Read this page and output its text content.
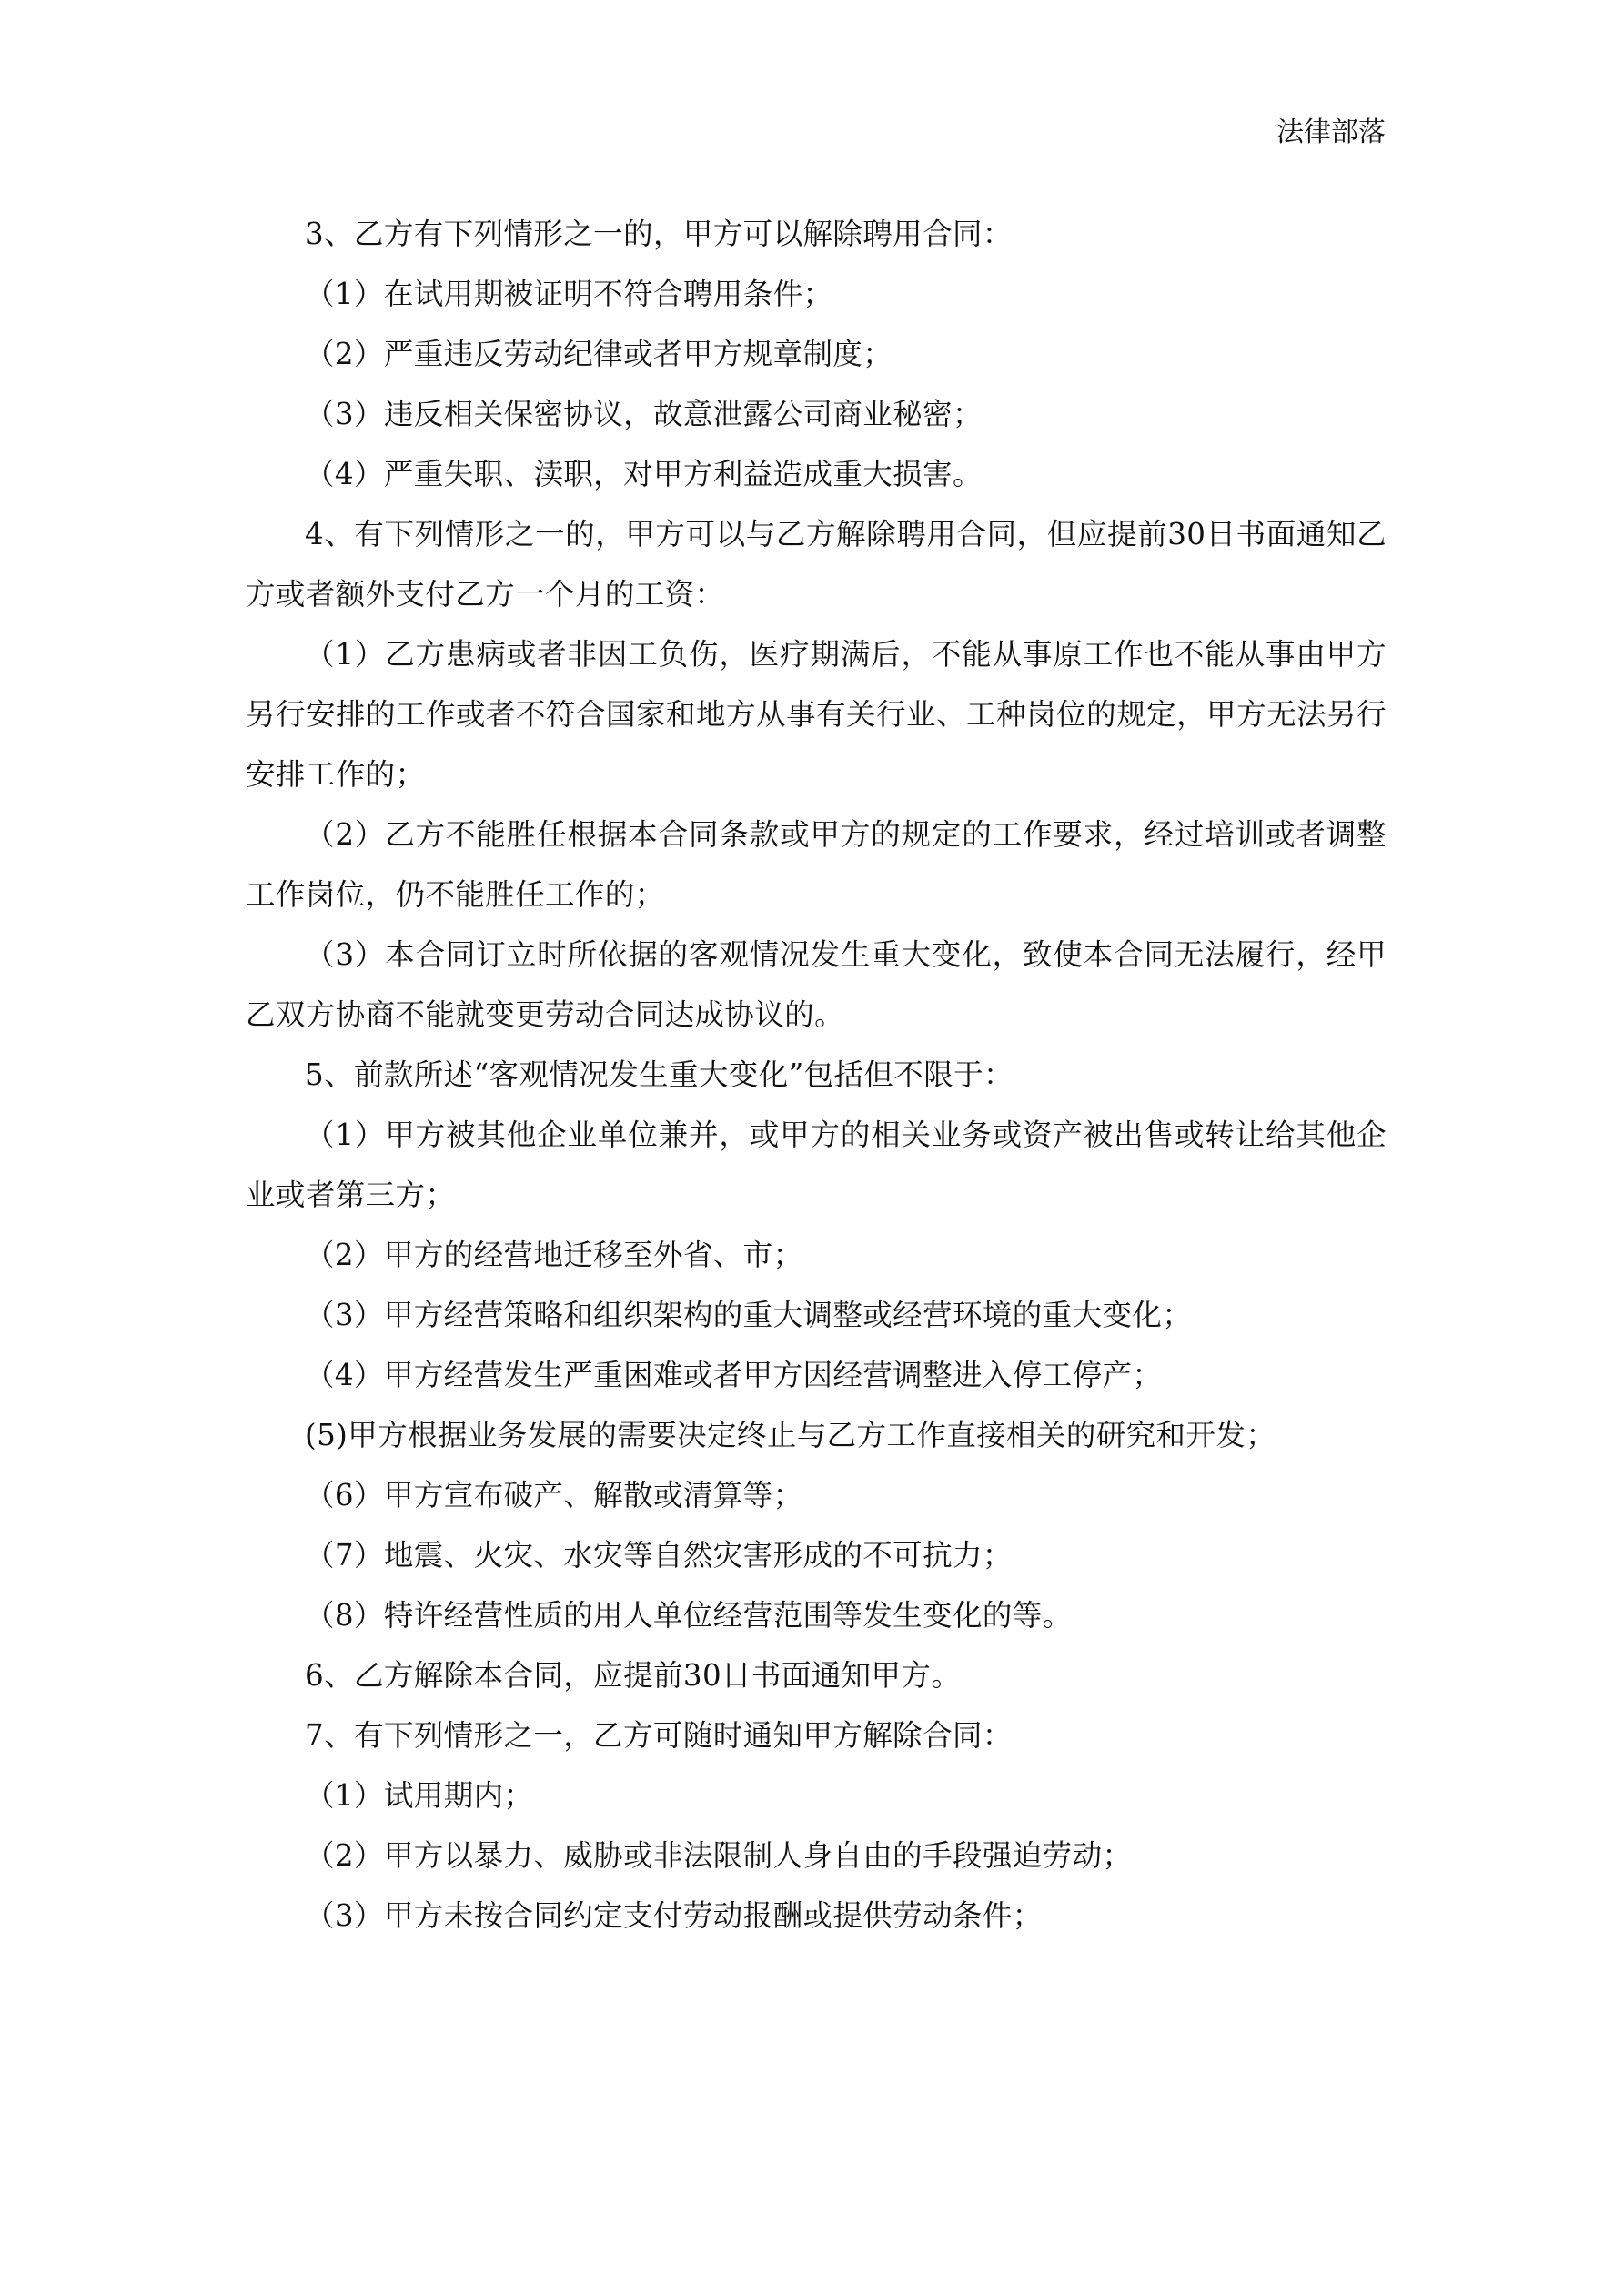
法律部落

3、乙方有下列情形之一的，甲方可以解除聘用合同：

（1）在试用期被证明不符合聘用条件；

（2）严重违反劳动纪律或者甲方规章制度；

（3）违反相关保密协议，故意泄露公司商业秘密；

（4）严重失职、渎职，对甲方利益造成重大损害。

4、有下列情形之一的，甲方可以与乙方解除聘用合同，但应提前30日书面通知乙方或者额外支付乙方一个月的工资：

（1）乙方患病或者非因工负伤，医疗期满后，不能从事原工作也不能从事由甲方另行安排的工作或者不符合国家和地方从事有关行业、工种岗位的规定，甲方无法另行安排工作的；

（2）乙方不能胜任根据本合同条款或甲方的规定的工作要求，经过培训或者调整工作岗位，仍不能胜任工作的；

（3）本合同订立时所依据的客观情况发生重大变化，致使本合同无法履行，经甲乙双方协商不能就变更劳动合同达成协议的。

5、前款所述“客观情况发生重大变化”包括但不限于：

（1）甲方被其他企业单位兼并，或甲方的相关业务或资产被出售或转让给其他企业或者第三方；

（2）甲方的经营地迁移至外省、市；

（3）甲方经营策略和组织架构的重大调整或经营环境的重大变化；

（4）甲方经营发生严重困难或者甲方因经营调整进入停工停产；

(5)甲方根据业务发展的需要决定终止与乙方工作直接相关的研究和开发；

（6）甲方宣布破产、解散或清算等；

（7）地震、火灾、水灾等自然灾害形成的不可抗力；

（8）特许经营性质的用人单位经营范围等发生变化的等。

6、乙方解除本合同，应提前30日书面通知甲方。

7、有下列情形之一，乙方可随时通知甲方解除合同：

（1）试用期内；

（2）甲方以暴力、威胁或非法限制人身自由的手段强迫劳动；

（3）甲方未按合同约定支付劳动报酬或提供劳动条件；
